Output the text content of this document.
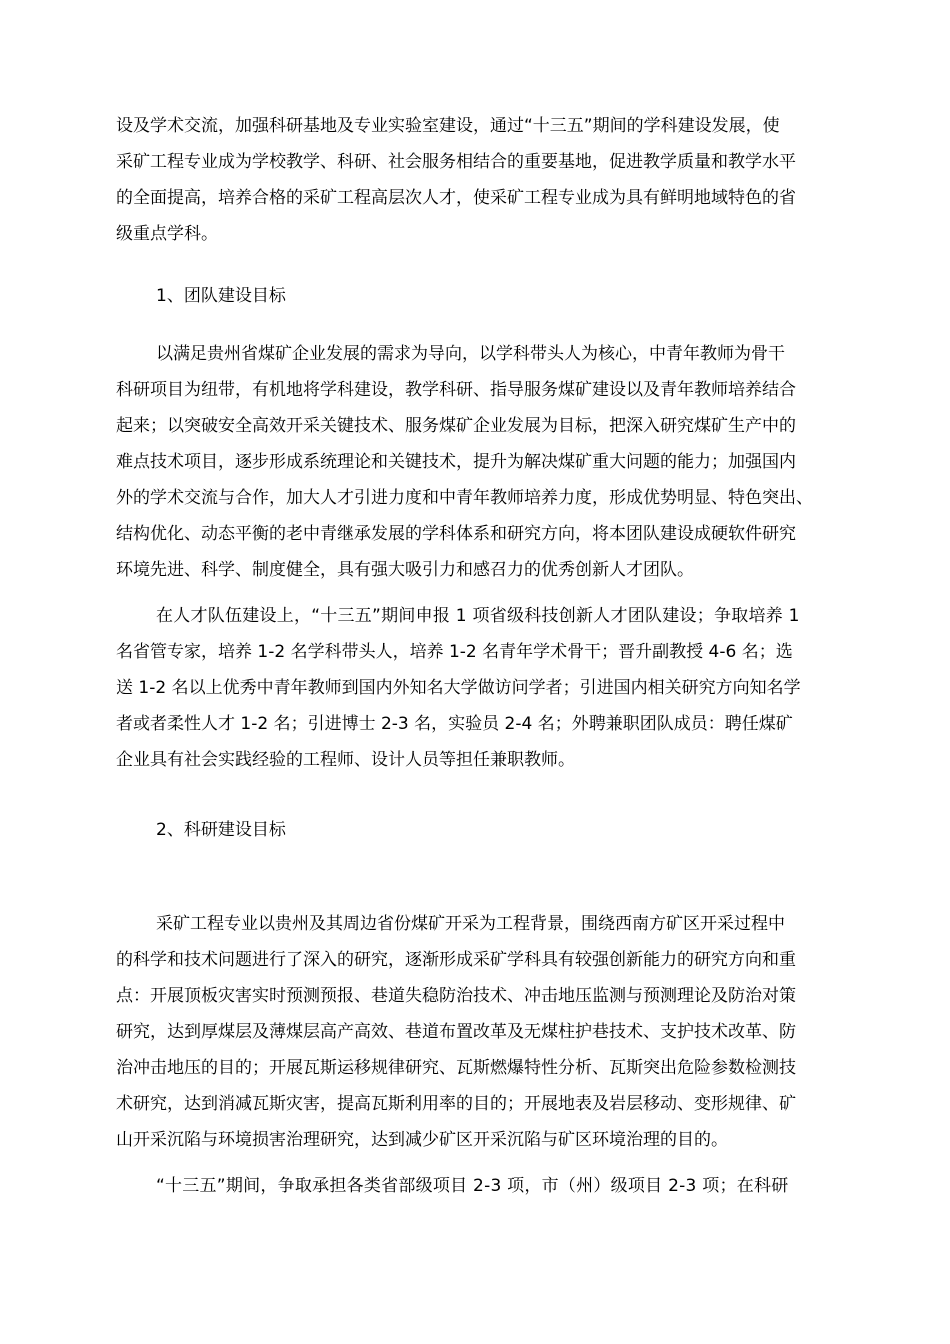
设及学术交流，加强科研基地及专业实验室建设，通过“十三五”期间的学科建设发展，使

采矿工程专业成为学校教学、科研、社会服务相结合的重要基地，促进教学质量和教学水平

的全面提高，培养合格的采矿工程高层次人才，使采矿工程专业成为具有鲜明地域特色的省

级重点学科。

1、团队建设目标

以满足贵州省煤矿企业发展的需求为导向，以学科带头人为核心，中青年教师为骨干

科研项目为纽带，有机地将学科建设，教学科研、指导服务煤矿建设以及青年教师培养结合

起来；以突破安全高效开采关键技术、服务煤矿企业发展为目标，把深入研究煤矿生产中的

难点技术项目，逐步形成系统理论和关键技术，提升为解决煤矿重大问题的能力；加强国内

外的学术交流与合作，加大人才引进力度和中青年教师培养力度，形成优势明显、特色突出、

结构优化、动态平衡的老中青继承发展的学科体系和研究方向，将本团队建设成硬软件研究

环境先进、科学、制度健全，具有强大吸引力和感召力的优秀创新人才团队。

在人才队伍建设上，“十三五”期间申报 1 项省级科技创新人才团队建设；争取培养 1

名省管专家，培养 1-2 名学科带头人，培养 1-2 名青年学术骨干；晋升副教授 4-6 名；选

送 1-2 名以上优秀中青年教师到国内外知名大学做访问学者；引进国内相关研究方向知名学

者或者柔性人才 1-2 名；引进博士 2-3 名，实验员 2-4 名；外聘兼职团队成员：聘任煤矿

企业具有社会实践经验的工程师、设计人员等担任兼职教师。

2、科研建设目标

采矿工程专业以贵州及其周边省份煤矿开采为工程背景，围绕西南方矿区开采过程中

的科学和技术问题进行了深入的研究，逐渐形成采矿学科具有较强创新能力的研究方向和重

点：开展顶板灾害实时预测预报、巷道失稳防治技术、冲击地压监测与预测理论及防治对策

研究，达到厚煤层及薄煤层高产高效、巷道布置改革及无煤柱护巷技术、支护技术改革、防

治冲击地压的目的；开展瓦斯运移规律研究、瓦斯燃爆特性分析、瓦斯突出危险参数检测技

术研究，达到消减瓦斯灾害，提高瓦斯利用率的目的；开展地表及岩层移动、变形规律、矿

山开采沉陷与环境损害治理研究，达到减少矿区开采沉陷与矿区环境治理的目的。

“十三五”期间，争取承担各类省部级项目 2-3 项，市（州）级项目 2-3 项；在科研
